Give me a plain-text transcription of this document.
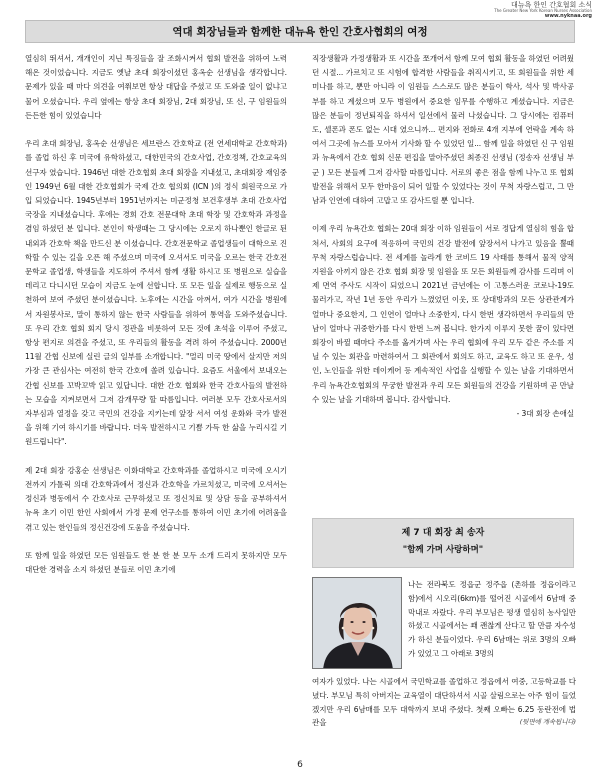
대뉴욕 한인 간호협회 소식
The Greater New York Korean Nurses Association
www.nyknaa.org
역대 회장님들과 함께한 대뉴욕 한인 간호사협회의 여정

열심히 뛰셔서, 개개인이 지닌 특징들을 잘 조화시켜서 협회 발전을 위하여 노력해온 것이었습니다. 지금도 옛날 초대 회장이셨던 홍옥순 선생님을 생각합니다. 문제가 있을 때 마다 의견을 여쭤보면 항상 대답을 주셨고 또 도와줄 일이 없냐고 물어 오셨습니다. 우리 옆에는 항상 초대 회장님, 2대 회장님, 또 신, 구 임원들의 든든한 힘이 있었습니다

우리 초대 회장님, 홍옥순 선생님은 세브란스 간호학교 (전 연세대학교 간호학과)를 졸업 하신 후 미국에 유학하셨고, 대한민국의 간호사업, 간호정책, 간호교육의 선구자 였습니다. 1946년 대한 간호협회 초대 회장을 지내셨고, 초대회장 재임중인 1949년 6월 대한 간호협회가 국제 간호 협의회 (ICN )의 정식 회원국으로 가입 되었습니다. 1945년부터 1951년까지는 미군정청 보건후생부 초대 간호사업 국장을 지내셨습니다. 후에는 경희 간호 전문대학 초대 학장 및 간호학과 과정을 겸임 하셨던 분 입니다. 본인이 학생때는 그 당시에는 오로지 하나뿐인 한글로 된 내외과 간호학 책을 만드신 분 이셨습니다. 간호전문학교 졸업생들이 대학으로 진학할 수 있는 길을 오픈 해 주셨으며 미국에 오셔서도 미국을 오르는 한국 간호전문학교 졸업생, 학생들을 지도하여 주셔서 함께 생활 하시고 또 병원으로 실습을 데리고 다니시던 모습이 지금도 눈에 선합니다. 또 모든 일을 실제로 행동으로 실천하여 보여 주셨던 분이셨습니다. 노후에는 시간을 아껴서, 여가 시간을 병원에서 자원봉사로, 말이 통하지 않는 한국 사람들을 위하여 통역을 도와주셨습니다. 또 우리 간호 협회 회지 당시 정관을 비롯하여 모든 것에 초석을 이루어 주셨고, 항상 편지로 의견을 주셨고, 또 우리들의 활동을 격려 하여 주셨습니다. 2000년 11월 간협 신보에 실린 글의 일부를 소개합니다. "멀리 미국 땅에서 살지만 저의 가장 큰 관심사는 여전히 한국 간호에 쏠려 있습니다. 요즘도 서울에서 보내오는 간협 신보를 꼬박꼬박 읽고 있답니다. 대한 간호 협회와 한국 간호사들의 발전하는 모습을 지켜보면서 그저 감개무량 할 따름입니다. 여러분 모두 간호사로서의 자부심과 열정을 갖고 국민의 건강을 지키는데 앞장 서서 여성 운화와 국가 발전을 위해 기여 하시기를 바랍니다. 더욱 발전하시고 기쁨 가득 한 삶을 누리시길 기원드립니다".

제 2대 회장 강홍순 선생님은 이화대학교 간호학과를 졸업하시고 미국에 오시기 전까지 가톨릭 의대 간호학과에서 정신과 간호학을 가르치셨고, 미국에 오셔서는 정신과 병동에서 수 간호사로 근무하셨고 또 정신치료 및 상담 등을 공부하셔서 뉴욕 초기 이민 한인 사회에서 가정 문제 연구소를 통하여 이민 초기에 어려움을 겪고 있는 한인들의 정신건강에 도움을 주셨습니다.

또 함께 일을 하였던 모든 임원들도 한 분 한 분 모두 소개 드리지 못하지만 모두 대단한 경력을 소지 하셨던 분들로 이민 초기에

직장생활과 가정생활과 또 시간을 쪼개어서 함께 모여 협회 활동을 하였던 어려웠던 시절... 가르치고 또 시험에 합격한 사람들을 취직시키고, 또 회원들을 위한 세미나를 하고, 뿐만 아니라 이 임원들 스스로도 많은 분들이 학사, 석사 및 박사공부를 하고 계셨으며 모두 병원에서 중요한 임무를 수행하고 계셨습니다. 지금은 많은 분들이 정년퇴직을 하셔서 일선에서 물러 나셨습니다. 그 당시에는 컴퓨터도, 셀폰과 폰도 없는 시대 였으니까... 편지와 전화로 4개 지부에 연락을 계속 하여서 그곳에 뉴스를 모아서 기사화 할 수 있었던 일... 함께 일을 하였던 신 구 임원과 뉴욕에서 간호 협회 신문 편집을 맡아주셨던 최종진 선생님 (정송자 선생님 부군 ) 모든 분들께 그저 감사할 따름입니다. 서로의 좋은 점을 함께 나누고 또 협회 발전을 위해서 모두 한마음이 되어 일할 수 있었다는 것이 무척 자랑스럽고, 그 만남과 인연에 대하여 고맙고 또 감사드릴 뿐 입니다.

이제 우리 뉴욕간호 협회는 20대 회장 이하 임원들이 서로 정답게 열심히 힘을 합쳐서, 사회의 요구에 적응하여 국민의 건강 발전에 앞장서서 나가고 있음을 뿔때 무척 자랑스럽습니다. 전 세계를 놀라게 한 코비드 19 사태를 통해서 물적 양적 지원을 아끼지 않은 간호 협회 회장 및 임원을 또 모든 회원들께 감사를 드리며 이제 면역 주사도 시작이 되었으니 2021년 금년에는 이 고통스러운 코로나-19도 물러가고, 작년 1년 동안 우리가 느꼈었던 이웃, 또 상대방과의 모든 상관관계가 얼마나 중요한지, 그 인연이 얼마나 소중한지, 다시 한번 생각하면서 우리들의 만남이 얼마나 귀중한가를 다시 한번 느껴 봅니다. 한가지 이루지 못한 꿈이 있다면 회장이 바뀔 때마다 주소를 옮겨가며 사는 우리 협회에 우리 모두 같은 주소를 지닐 수 있는 회관을 마련하여서 그 회관에서 회의도 하고, 교육도 하고 또 운우, 성인, 노인들을 위한 데이케어 등 계속적인 사업을 실행할 수 있는 날을 기대하면서 우리 뉴욕간호협회의 무궁한 발전과 우리 모든 회원들의 건강을 기원하며 곧 만날 수 있는 날을 기대하며 봅니다. 감사합니다.

- 3대 회장 손애실

제 7 대 회장 최 송자
"함께 가며 사랑하며"
나는 전라북도 정읍군 정주읍 (촌하를 정읍이라고 함)에서 시오리(6km)를 떨어진 시골에서 6남매 중 막내로 자랐다. 우리 부모님은 평생 열심히 농사일만 하셨고 시골에서는 꽤 괜찮게 산다고 할 만큼 자수성가 하신 분들이었다. 우리 6남매는 위로 3명의 오빠가 있었고 그 아래로 3명의
여자가 있었다. 나는 시골에서 국민학교를 졸업하고 정읍에서 여중, 고등학교를 다녔다. 부모님 특히 아버지는 교육열이 대단하셔서 시골 살림으로는 아주 힘이 들었겠지만 우리 6남매를 모두 대학까지 보내 주셨다. 첫째 오빠는 6.25 동란전에 법관을	(뒷면에 계속됩니다)
6
